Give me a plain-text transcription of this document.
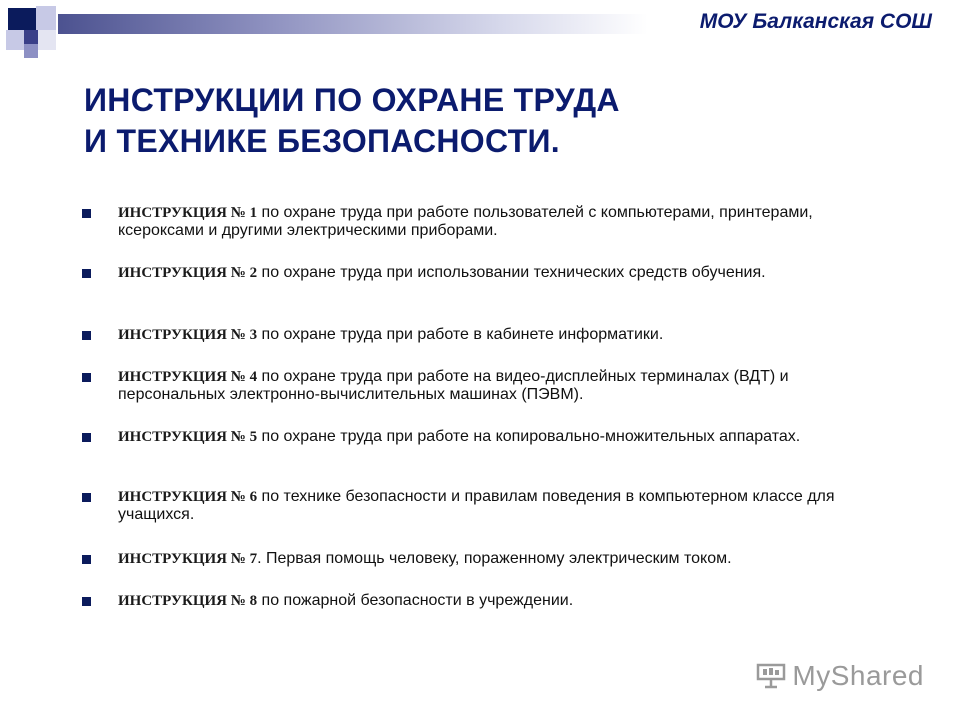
МОУ Балканская СОШ
ИНСТРУКЦИИ ПО ОХРАНЕ ТРУДА
И ТЕХНИКЕ БЕЗОПАСНОСТИ.
ИНСТРУКЦИЯ № 1 по охране труда при работе пользователей с компьютерами, принтерами, ксероксами и другими электрическими приборами.
ИНСТРУКЦИЯ № 2 по охране труда при использовании технических средств обучения.
ИНСТРУКЦИЯ № 3 по охране труда при работе в кабинете информатики.
ИНСТРУКЦИЯ № 4 по охране труда при работе на видео-дисплейных терминалах (ВДТ) и персональных электронно-вычислительных машинах (ПЭВМ).
ИНСТРУКЦИЯ № 5 по охране труда при работе на копировально-множительных аппаратах.
ИНСТРУКЦИЯ № 6 по технике безопасности и правилам поведения в компьютерном классе для учащихся.
ИНСТРУКЦИЯ № 7. Первая помощь человеку, пораженному электрическим током.
ИНСТРУКЦИЯ № 8 по пожарной безопасности в учреждении.
MyShared
